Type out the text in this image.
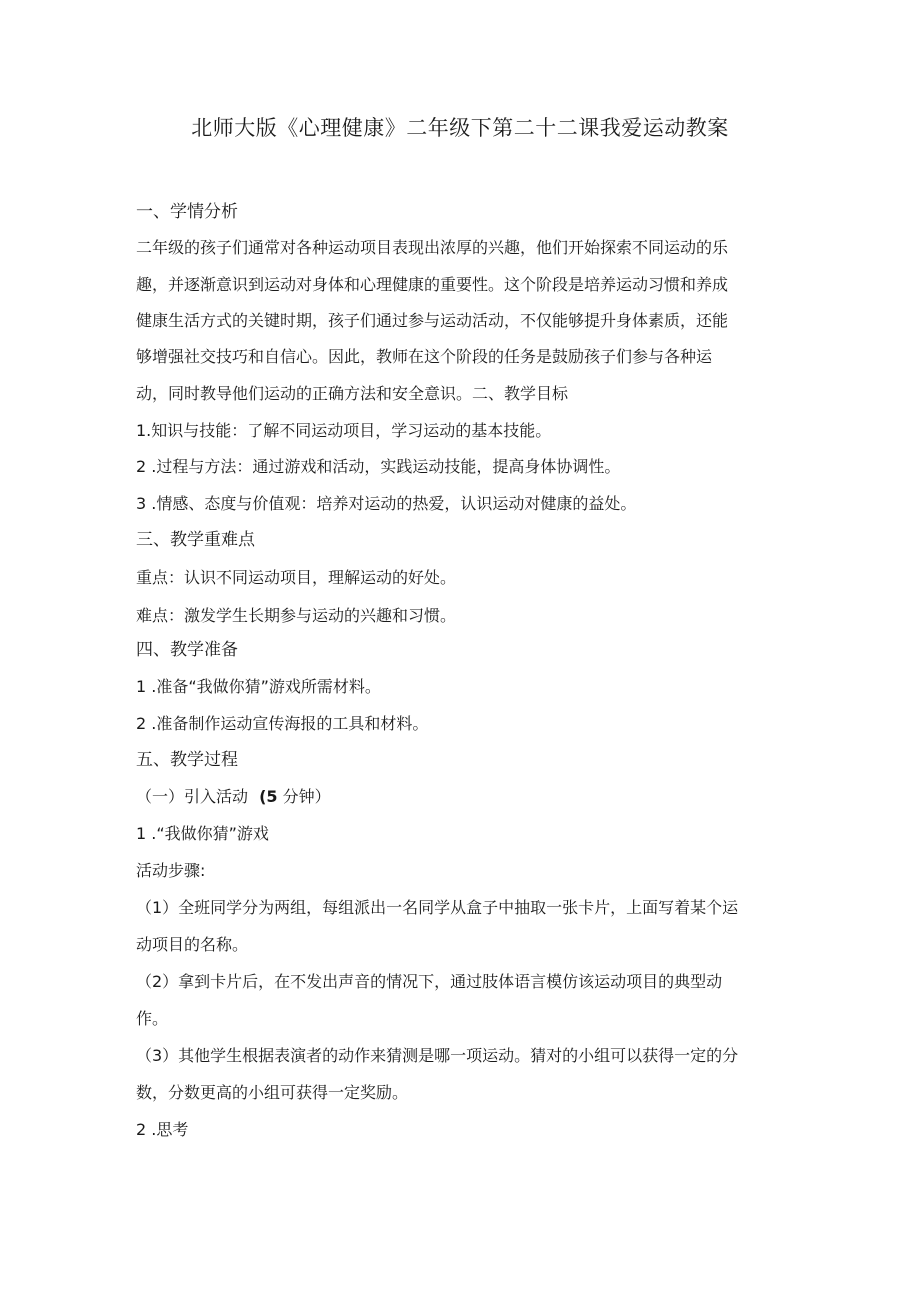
北师大版《心理健康》二年级下第二十二课我爱运动教案
一、学情分析
二年级的孩子们通常对各种运动项目表现出浓厚的兴趣，他们开始探索不同运动的乐
趣，并逐渐意识到运动对身体和心理健康的重要性。这个阶段是培养运动习惯和养成
健康生活方式的关键时期，孩子们通过参与运动活动，不仅能够提升身体素质，还能
够增强社交技巧和自信心。因此，教师在这个阶段的任务是鼓励孩子们参与各种运
动，同时教导他们运动的正确方法和安全意识。二、教学目标
1.知识与技能：了解不同运动项目，学习运动的基本技能。
2 .过程与方法：通过游戏和活动，实践运动技能，提高身体协调性。
3 .情感、态度与价值观：培养对运动的热爱，认识运动对健康的益处。
三、教学重难点
重点：认识不同运动项目，理解运动的好处。
难点：激发学生长期参与运动的兴趣和习惯。
四、教学准备
1 .准备“我做你猜”游戏所需材料。
2 .准备制作运动宣传海报的工具和材料。
五、教学过程
（一）引入活动 (5 分钟）
1 .“我做你猜”游戏
活动步骤:
（1）全班同学分为两组，每组派出一名同学从盒子中抽取一张卡片，上面写着某个运
动项目的名称。
（2）拿到卡片后，在不发出声音的情况下，通过肢体语言模仿该运动项目的典型动
作。
（3）其他学生根据表演者的动作来猜测是哪一项运动。猜对的小组可以获得一定的分
数，分数更高的小组可获得一定奖励。
2 .思考
